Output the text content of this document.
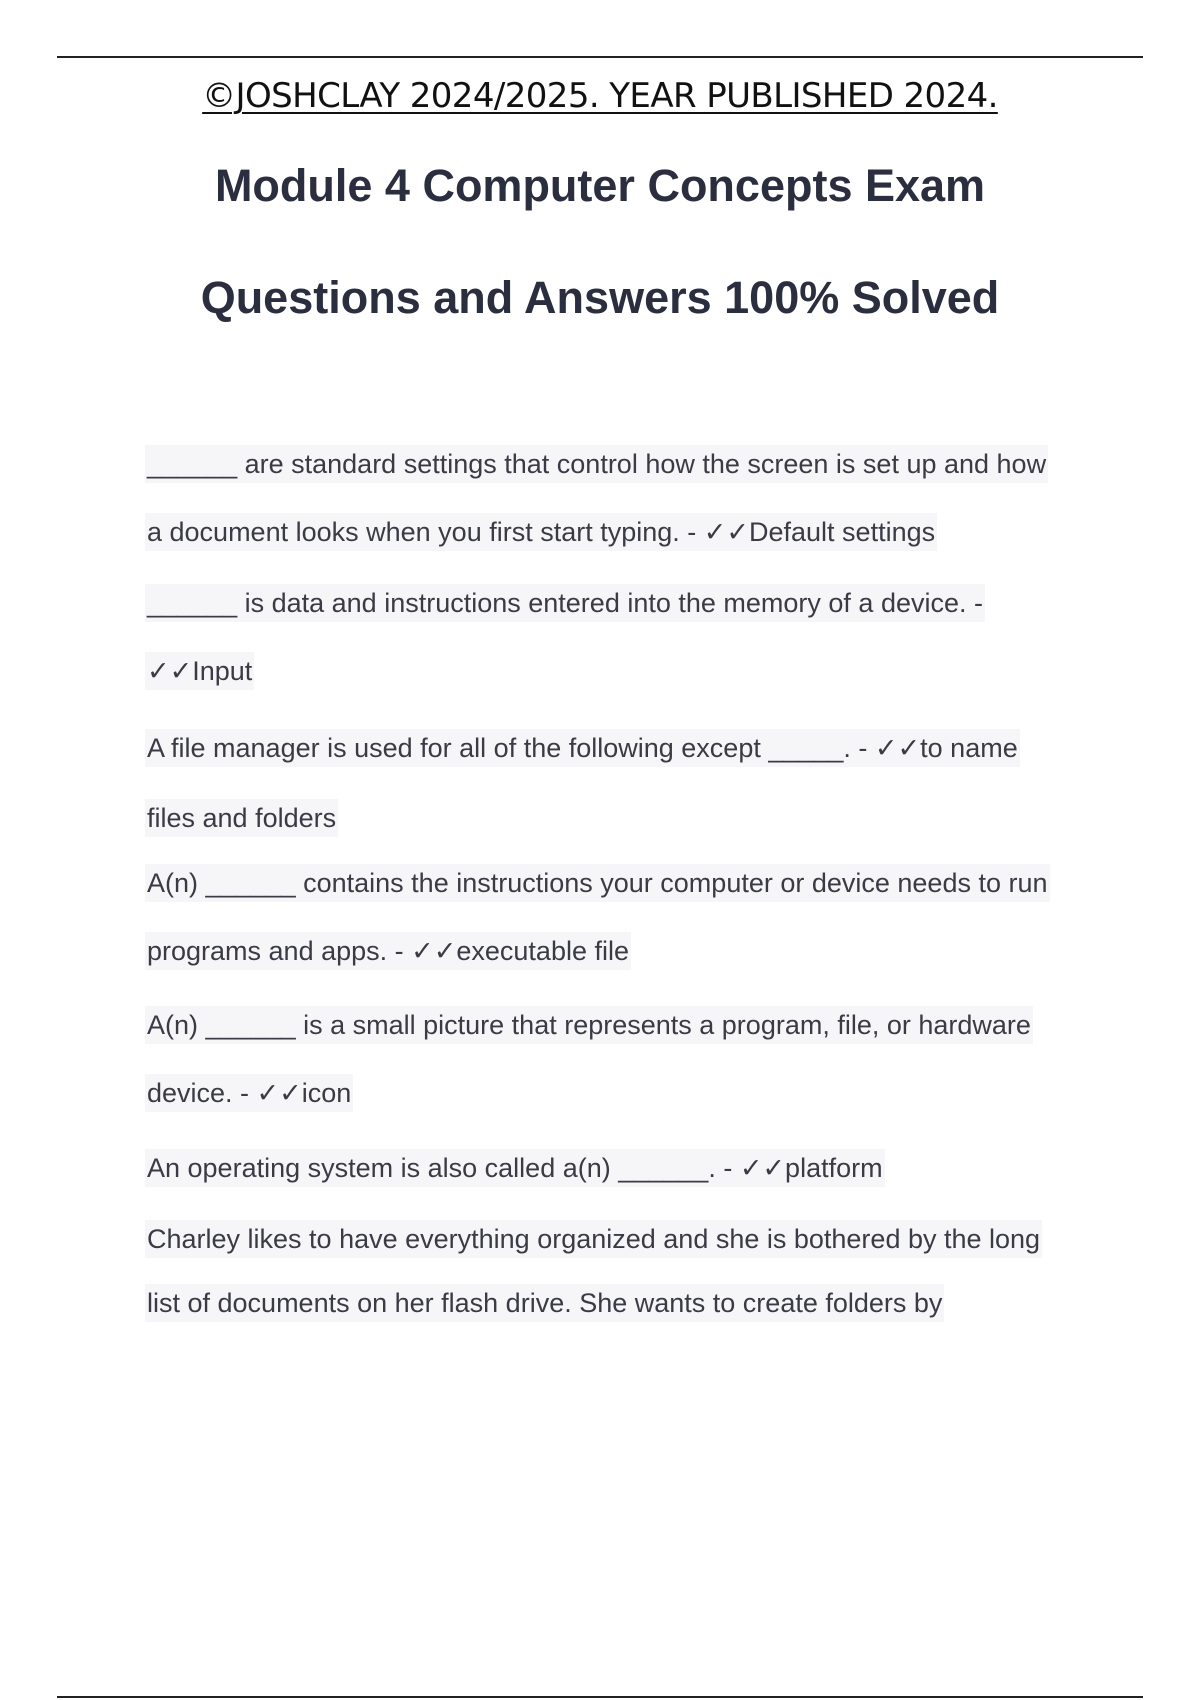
©JOSHCLAY 2024/2025. YEAR PUBLISHED 2024.
Module 4 Computer Concepts Exam
Questions and Answers 100% Solved
______ are standard settings that control how the screen is set up and how
a document looks when you first start typing. - ✓✓Default settings
______ is data and instructions entered into the memory of a device. -
✓✓Input
A file manager is used for all of the following except _____. - ✓✓to name
files and folders
A(n) ______ contains the instructions your computer or device needs to run
programs and apps. - ✓✓executable file
A(n) ______ is a small picture that represents a program, file, or hardware
device. - ✓✓icon
An operating system is also called a(n) ______. - ✓✓platform
Charley likes to have everything organized and she is bothered by the long
list of documents on her flash drive. She wants to create folders by
